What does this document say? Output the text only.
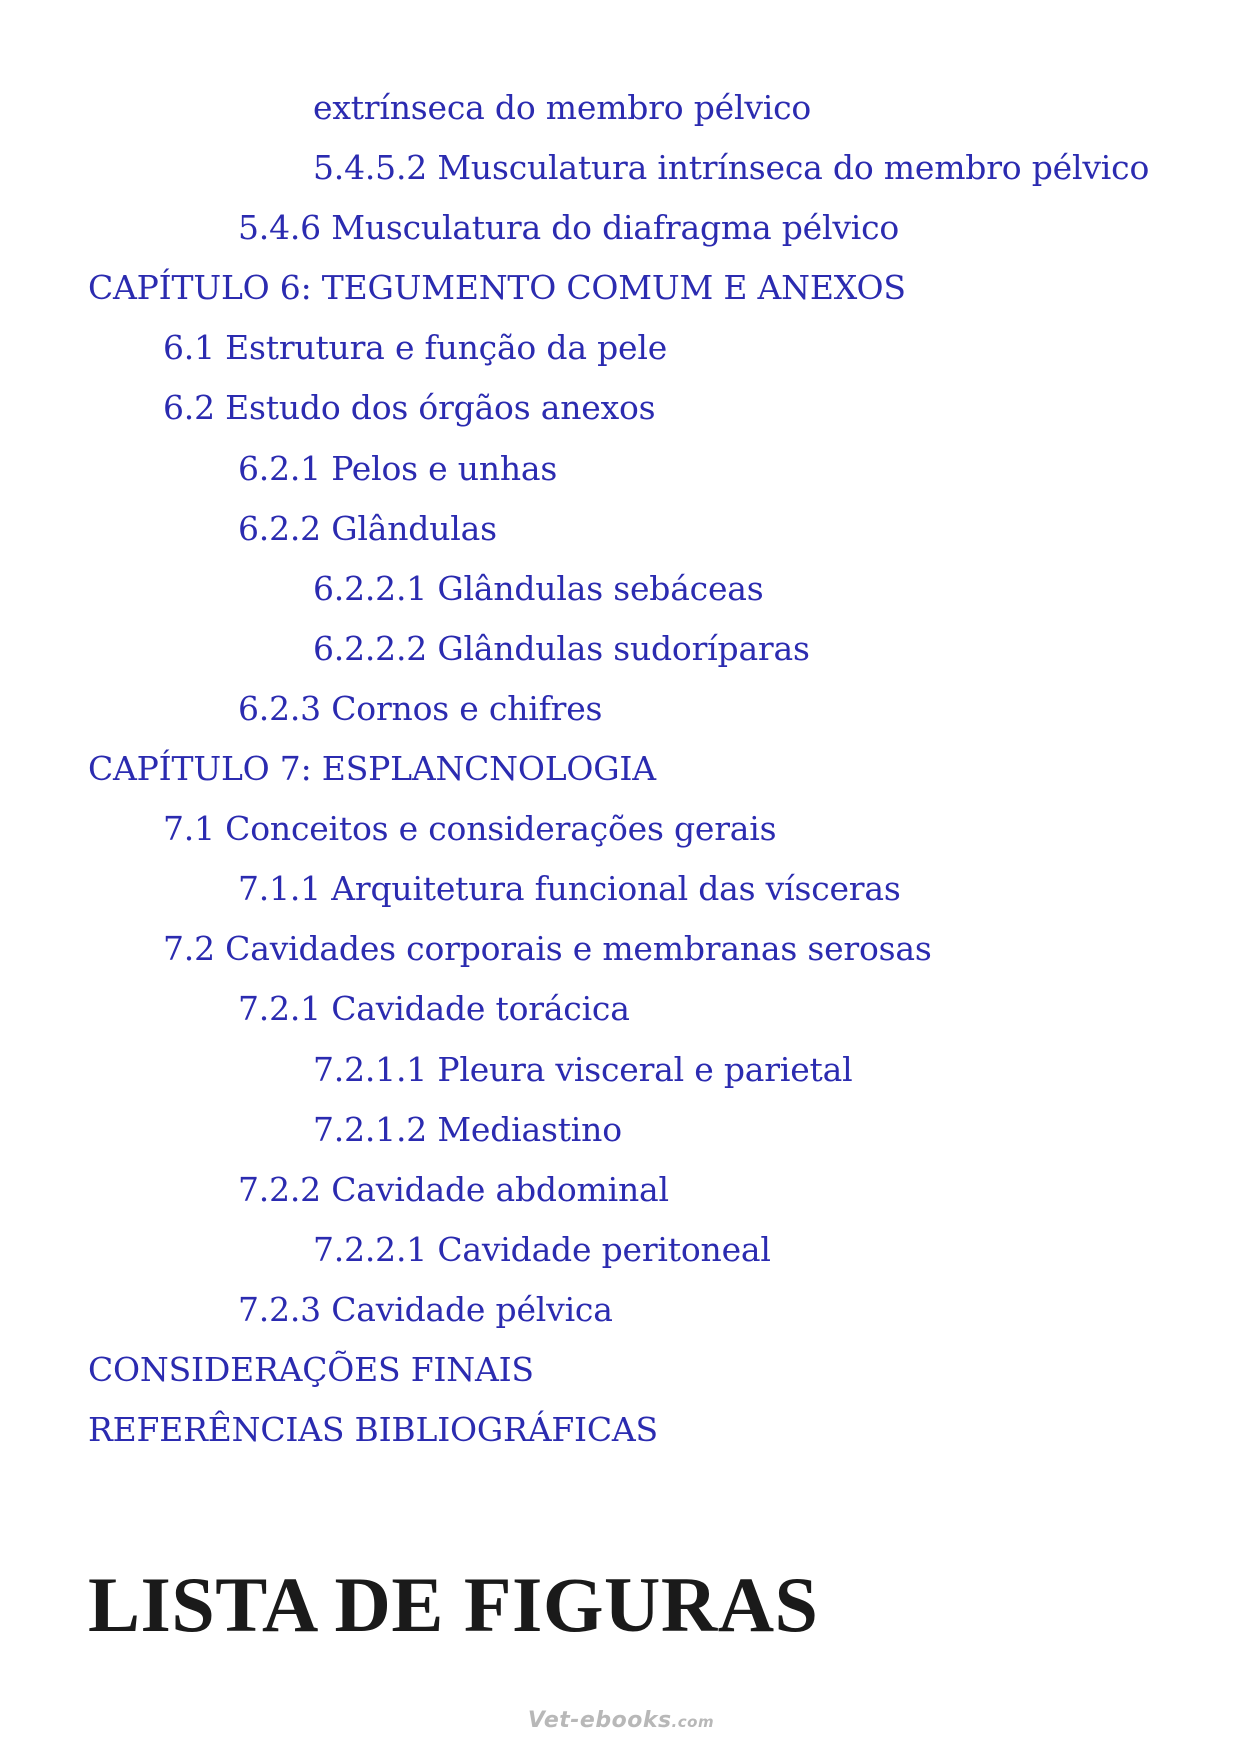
extrínseca do membro pélvico
5.4.5.2 Musculatura intrínseca do membro pélvico
5.4.6 Musculatura do diafragma pélvico
CAPÍTULO 6: TEGUMENTO COMUM E ANEXOS
6.1 Estrutura e função da pele
6.2 Estudo dos órgãos anexos
6.2.1 Pelos e unhas
6.2.2 Glândulas
6.2.2.1 Glândulas sebáceas
6.2.2.2 Glândulas sudoríparas
6.2.3 Cornos e chifres
CAPÍTULO 7: ESPLANCNOLOGIA
7.1 Conceitos e considerações gerais
7.1.1 Arquitetura funcional das vísceras
7.2 Cavidades corporais e membranas serosas
7.2.1 Cavidade torácica
7.2.1.1 Pleura visceral e parietal
7.2.1.2 Mediastino
7.2.2 Cavidade abdominal
7.2.2.1 Cavidade peritoneal
7.2.3 Cavidade pélvica
CONSIDERAÇÕES FINAIS
REFERÊNCIAS BIBLIOGRÁFICAS
LISTA DE FIGURAS
Vet-ebooks.com
